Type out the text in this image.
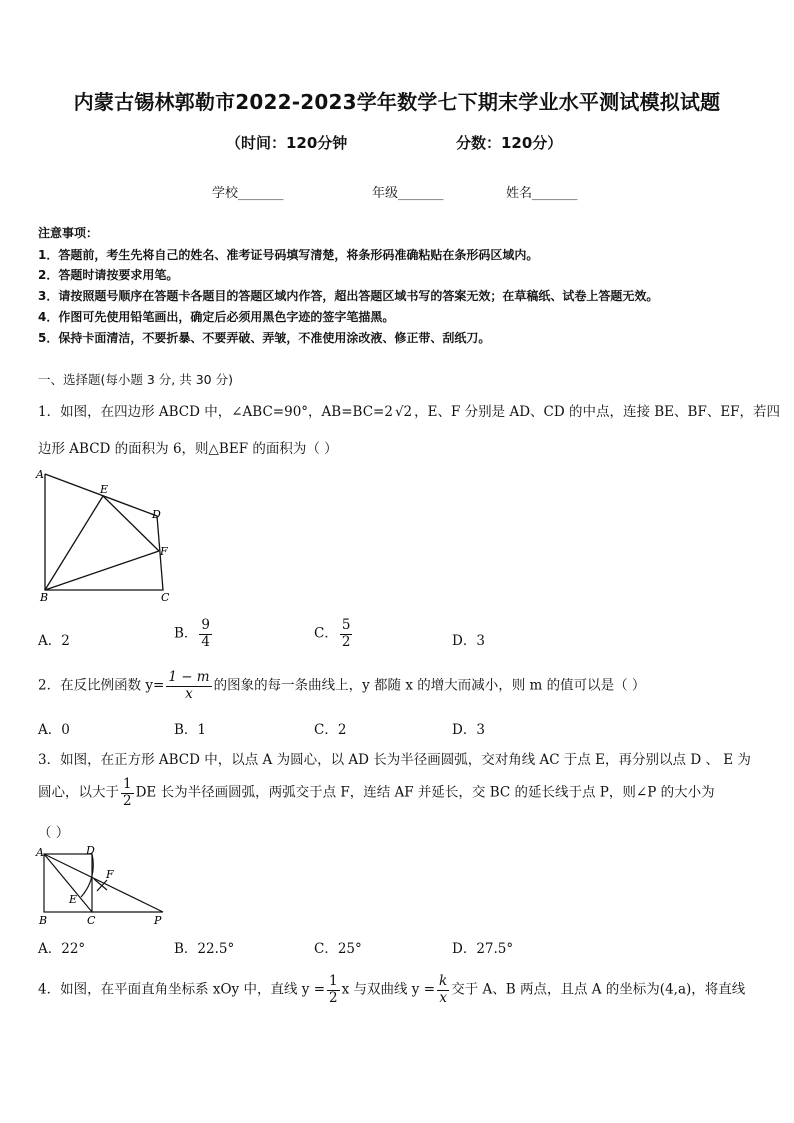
内蒙古锡林郭勒市2022-2023学年数学七下期末学业水平测试模拟试题
（时间：120分钟	分数：120分）
学校_______	年级_______	姓名_______
注意事项：
1．答题前，考生先将自己的姓名、准考证号码填写清楚，将条形码准确粘贴在条形码区域内。
2．答题时请按要求用笔。
3．请按照题号顺序在答题卡各题目的答题区域内作答，超出答题区域书写的答案无效；在草稿纸、试卷上答题无效。
4．作图可先使用铅笔画出，确定后必须用黑色字迹的签字笔描黑。
5．保持卡面清洁，不要折暴、不要弄破、弄皱，不准使用涂改液、修正带、刮纸刀。
一、选择题(每小题 3 分, 共 30 分)
1．如图，在四边形 ABCD 中，∠ABC=90°，AB=BC=2 √2 ，E、F 分别是 AD、CD 的中点，连接 BE、BF、EF，若四
边形 ABCD 的面积为 6，则△BEF 的面积为（ ）
A
E
D
F
B	C
A．2	B． $\frac{9}{4}$	C． $\frac{5}{2}$	D．3
2．在反比例函数 $y= \frac{1 - m}{x}$ 的图象的每一条曲线上，y 都随 x 的增大而减小，则 m 的值可以是（ ）
A．0	B．1	C．2	D．3
3．如图，在正方形 ABCD 中，以点 A 为圆心，以 AD 长为半径画圆弧，交对角线 AC 于点 E，再分别以点 D 、 E 为
圆心，以大于 $\frac{1}{2}$ DE 长为半径画圆弧，两弧交于点 F，连结 AF 并延长，交 BC 的延长线于点 P，则∠P 的大小为
（ ）
A	D
F
E
B	C	P
A．22°	B．22.5°	C．25°	D．27.5°
4．如图，在平面直角坐标系 xOy 中，直线 $y = \frac{1}{2}$ x 与双曲线 $y = \frac{k}{x}$ 交于 A、B 两点，且点 A 的坐标为(4,a)，将直线
